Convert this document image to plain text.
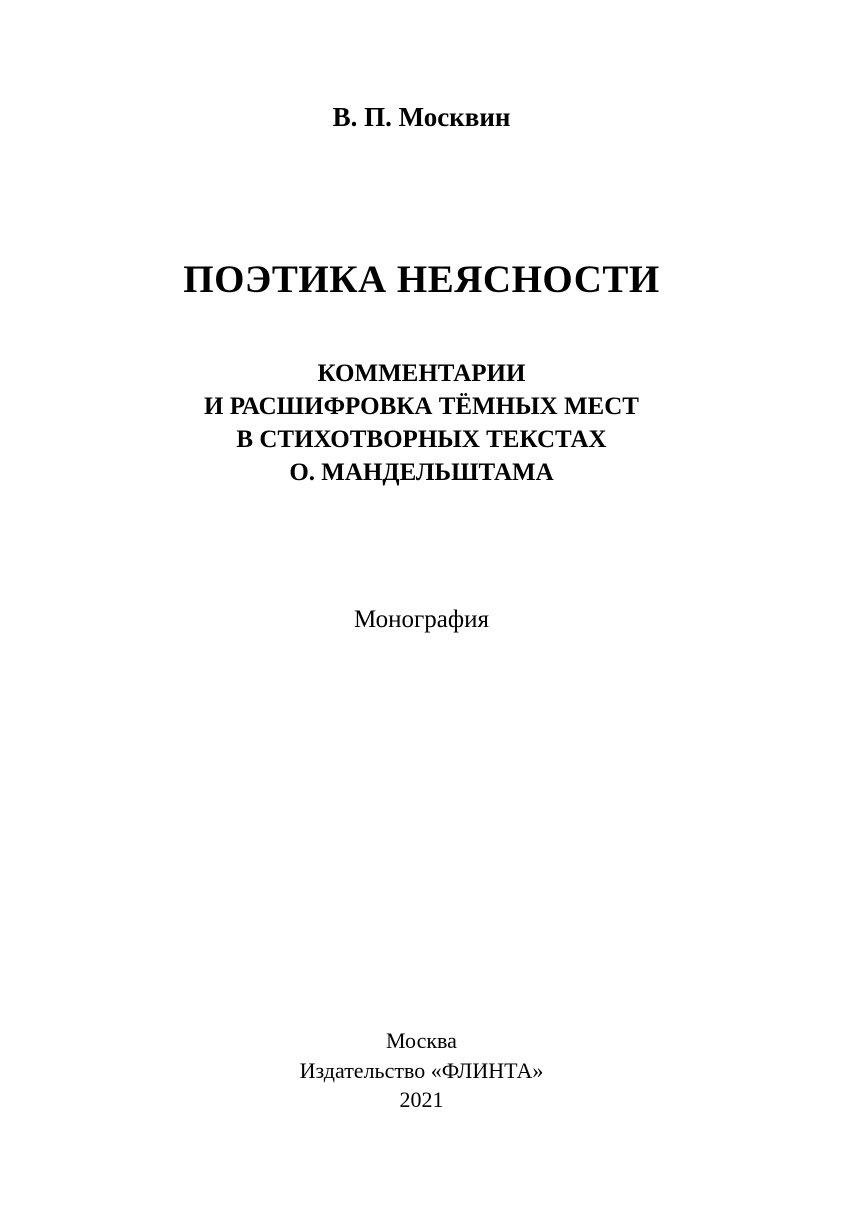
В. П. Москвин
ПОЭТИКА НЕЯСНОСТИ
КОММЕНТАРИИ
И РАСШИФРОВКА ТЁМНЫХ МЕСТ
В СТИХОТВОРНЫХ ТЕКСТАХ
О. МАНДЕЛЬШТАМА
Монография
Москва
Издательство «ФЛИНТА»
2021
